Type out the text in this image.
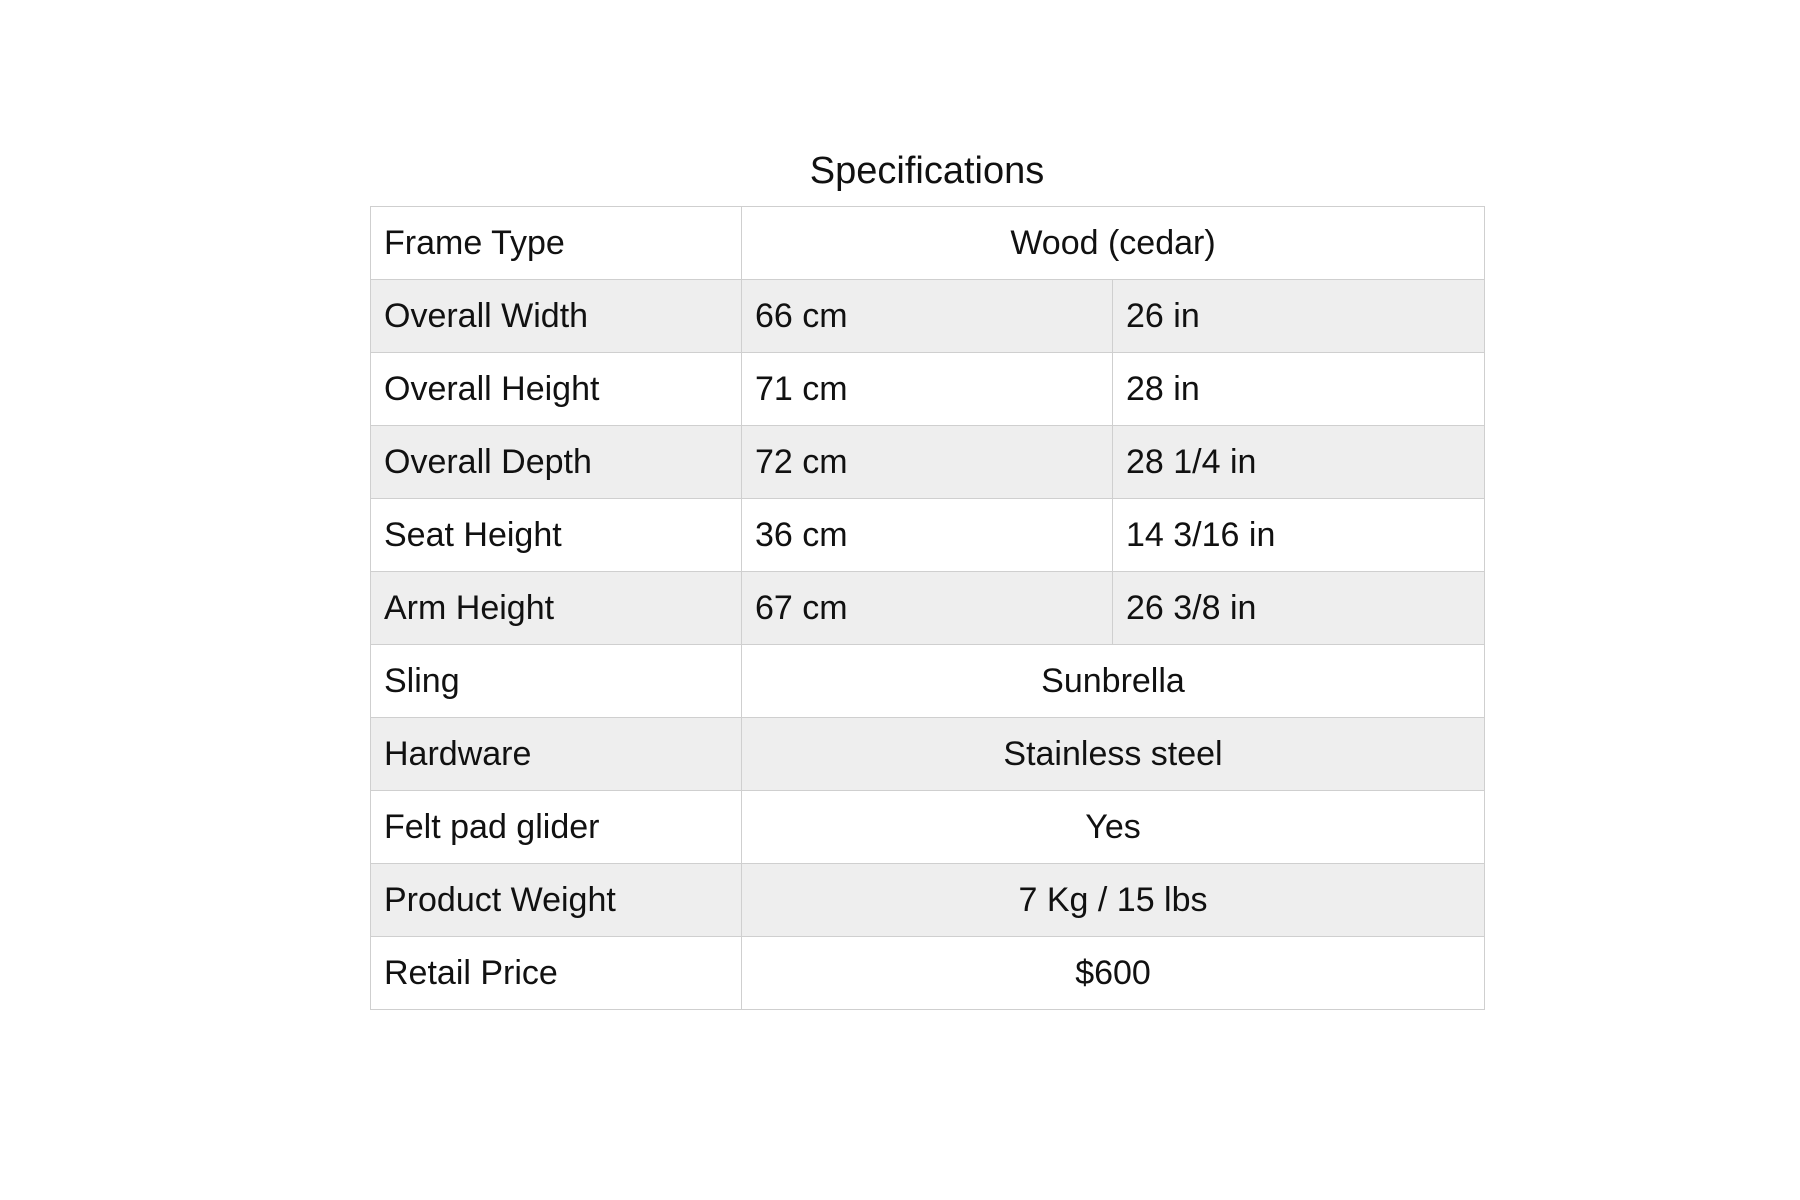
Specifications
Frame Type	Wood (cedar)	
Overall Width	66 cm	26 in
Overall Height	71 cm	28 in
Overall Depth	72 cm	28 1/4 in
Seat Height	36 cm	14 3/16 in
Arm Height	67 cm	26 3/8 in
Sling	Sunbrella	
Hardware	Stainless steel	
Felt pad glider	Yes	
Product Weight	7 Kg / 15 lbs	
Retail Price	$600	
